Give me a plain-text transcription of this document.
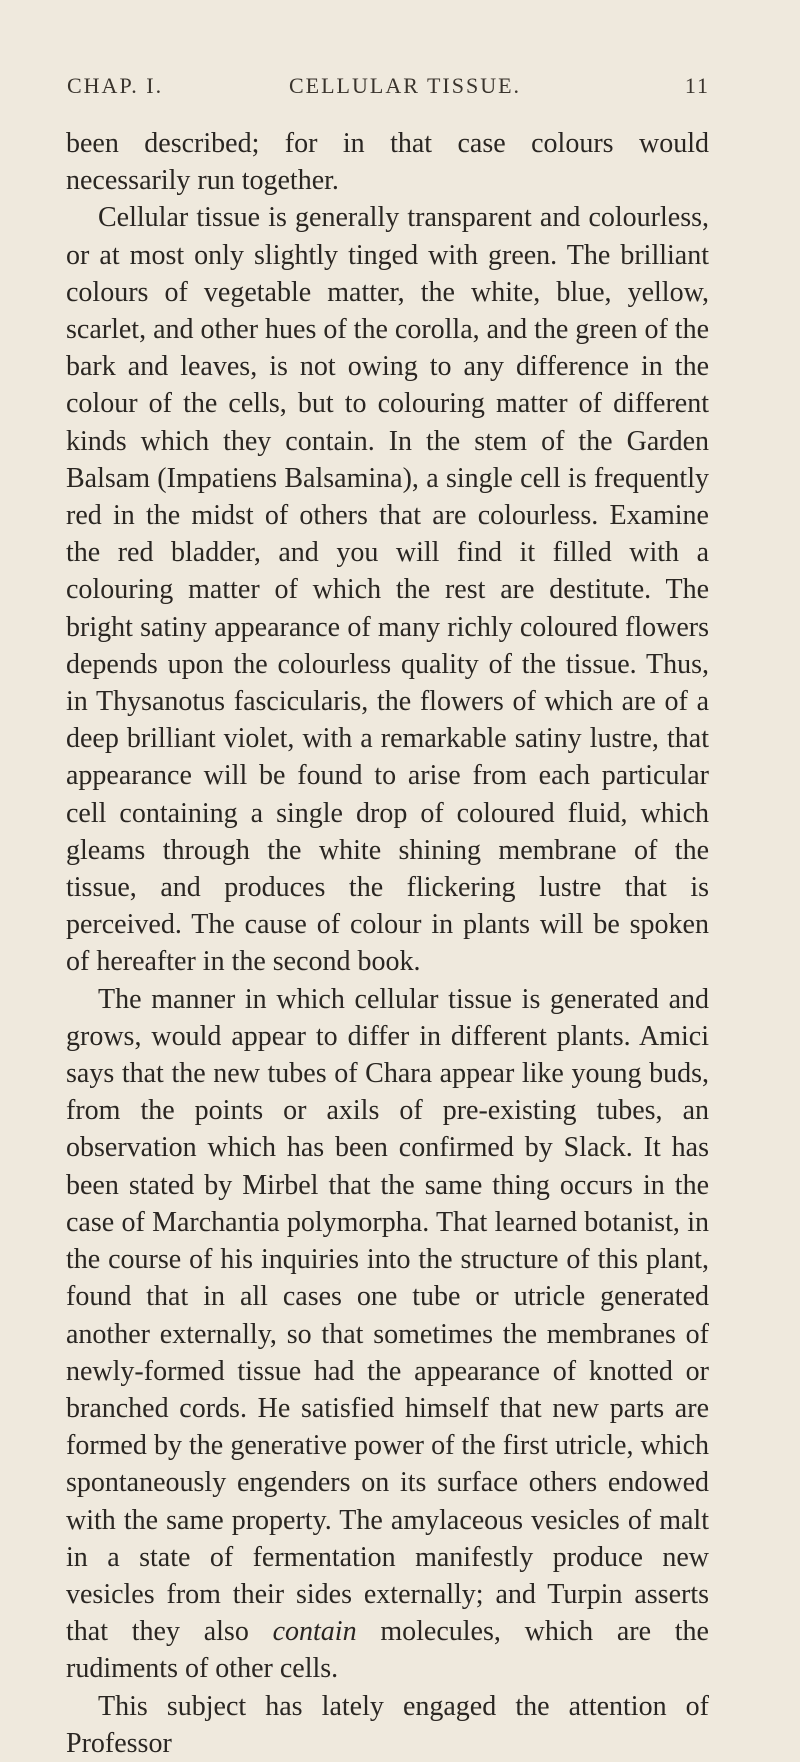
CHAP. I.	CELLULAR TISSUE.	11

been described; for in that case colours would necessarily run together.

Cellular tissue is generally transparent and colourless, or at most only slightly tinged with green. The brilliant colours of vegetable matter, the white, blue, yellow, scarlet, and other hues of the corolla, and the green of the bark and leaves, is not owing to any difference in the colour of the cells, but to colouring matter of different kinds which they contain. In the stem of the Garden Balsam (Impatiens Balsamina), a single cell is frequently red in the midst of others that are colourless. Examine the red bladder, and you will find it filled with a colouring matter of which the rest are destitute. The bright satiny appearance of many richly coloured flowers depends upon the colourless quality of the tissue. Thus, in Thysanotus fascicularis, the flowers of which are of a deep brilliant violet, with a remarkable satiny lustre, that appearance will be found to arise from each particular cell containing a single drop of coloured fluid, which gleams through the white shining membrane of the tissue, and produces the flickering lustre that is perceived. The cause of colour in plants will be spoken of hereafter in the second book.

The manner in which cellular tissue is generated and grows, would appear to differ in different plants. Amici says that the new tubes of Chara appear like young buds, from the points or axils of pre-existing tubes, an observation which has been confirmed by Slack. It has been stated by Mirbel that the same thing occurs in the case of Marchantia polymorpha. That learned botanist, in the course of his inquiries into the structure of this plant, found that in all cases one tube or utricle generated another externally, so that sometimes the membranes of newly-formed tissue had the appearance of knotted or branched cords. He satisfied himself that new parts are formed by the generative power of the first utricle, which spontaneously engenders on its surface others endowed with the same property. The amylaceous vesicles of malt in a state of fermentation manifestly produce new vesicles from their sides externally; and Turpin asserts that they also contain molecules, which are the rudiments of other cells.

This subject has lately engaged the attention of Professor
